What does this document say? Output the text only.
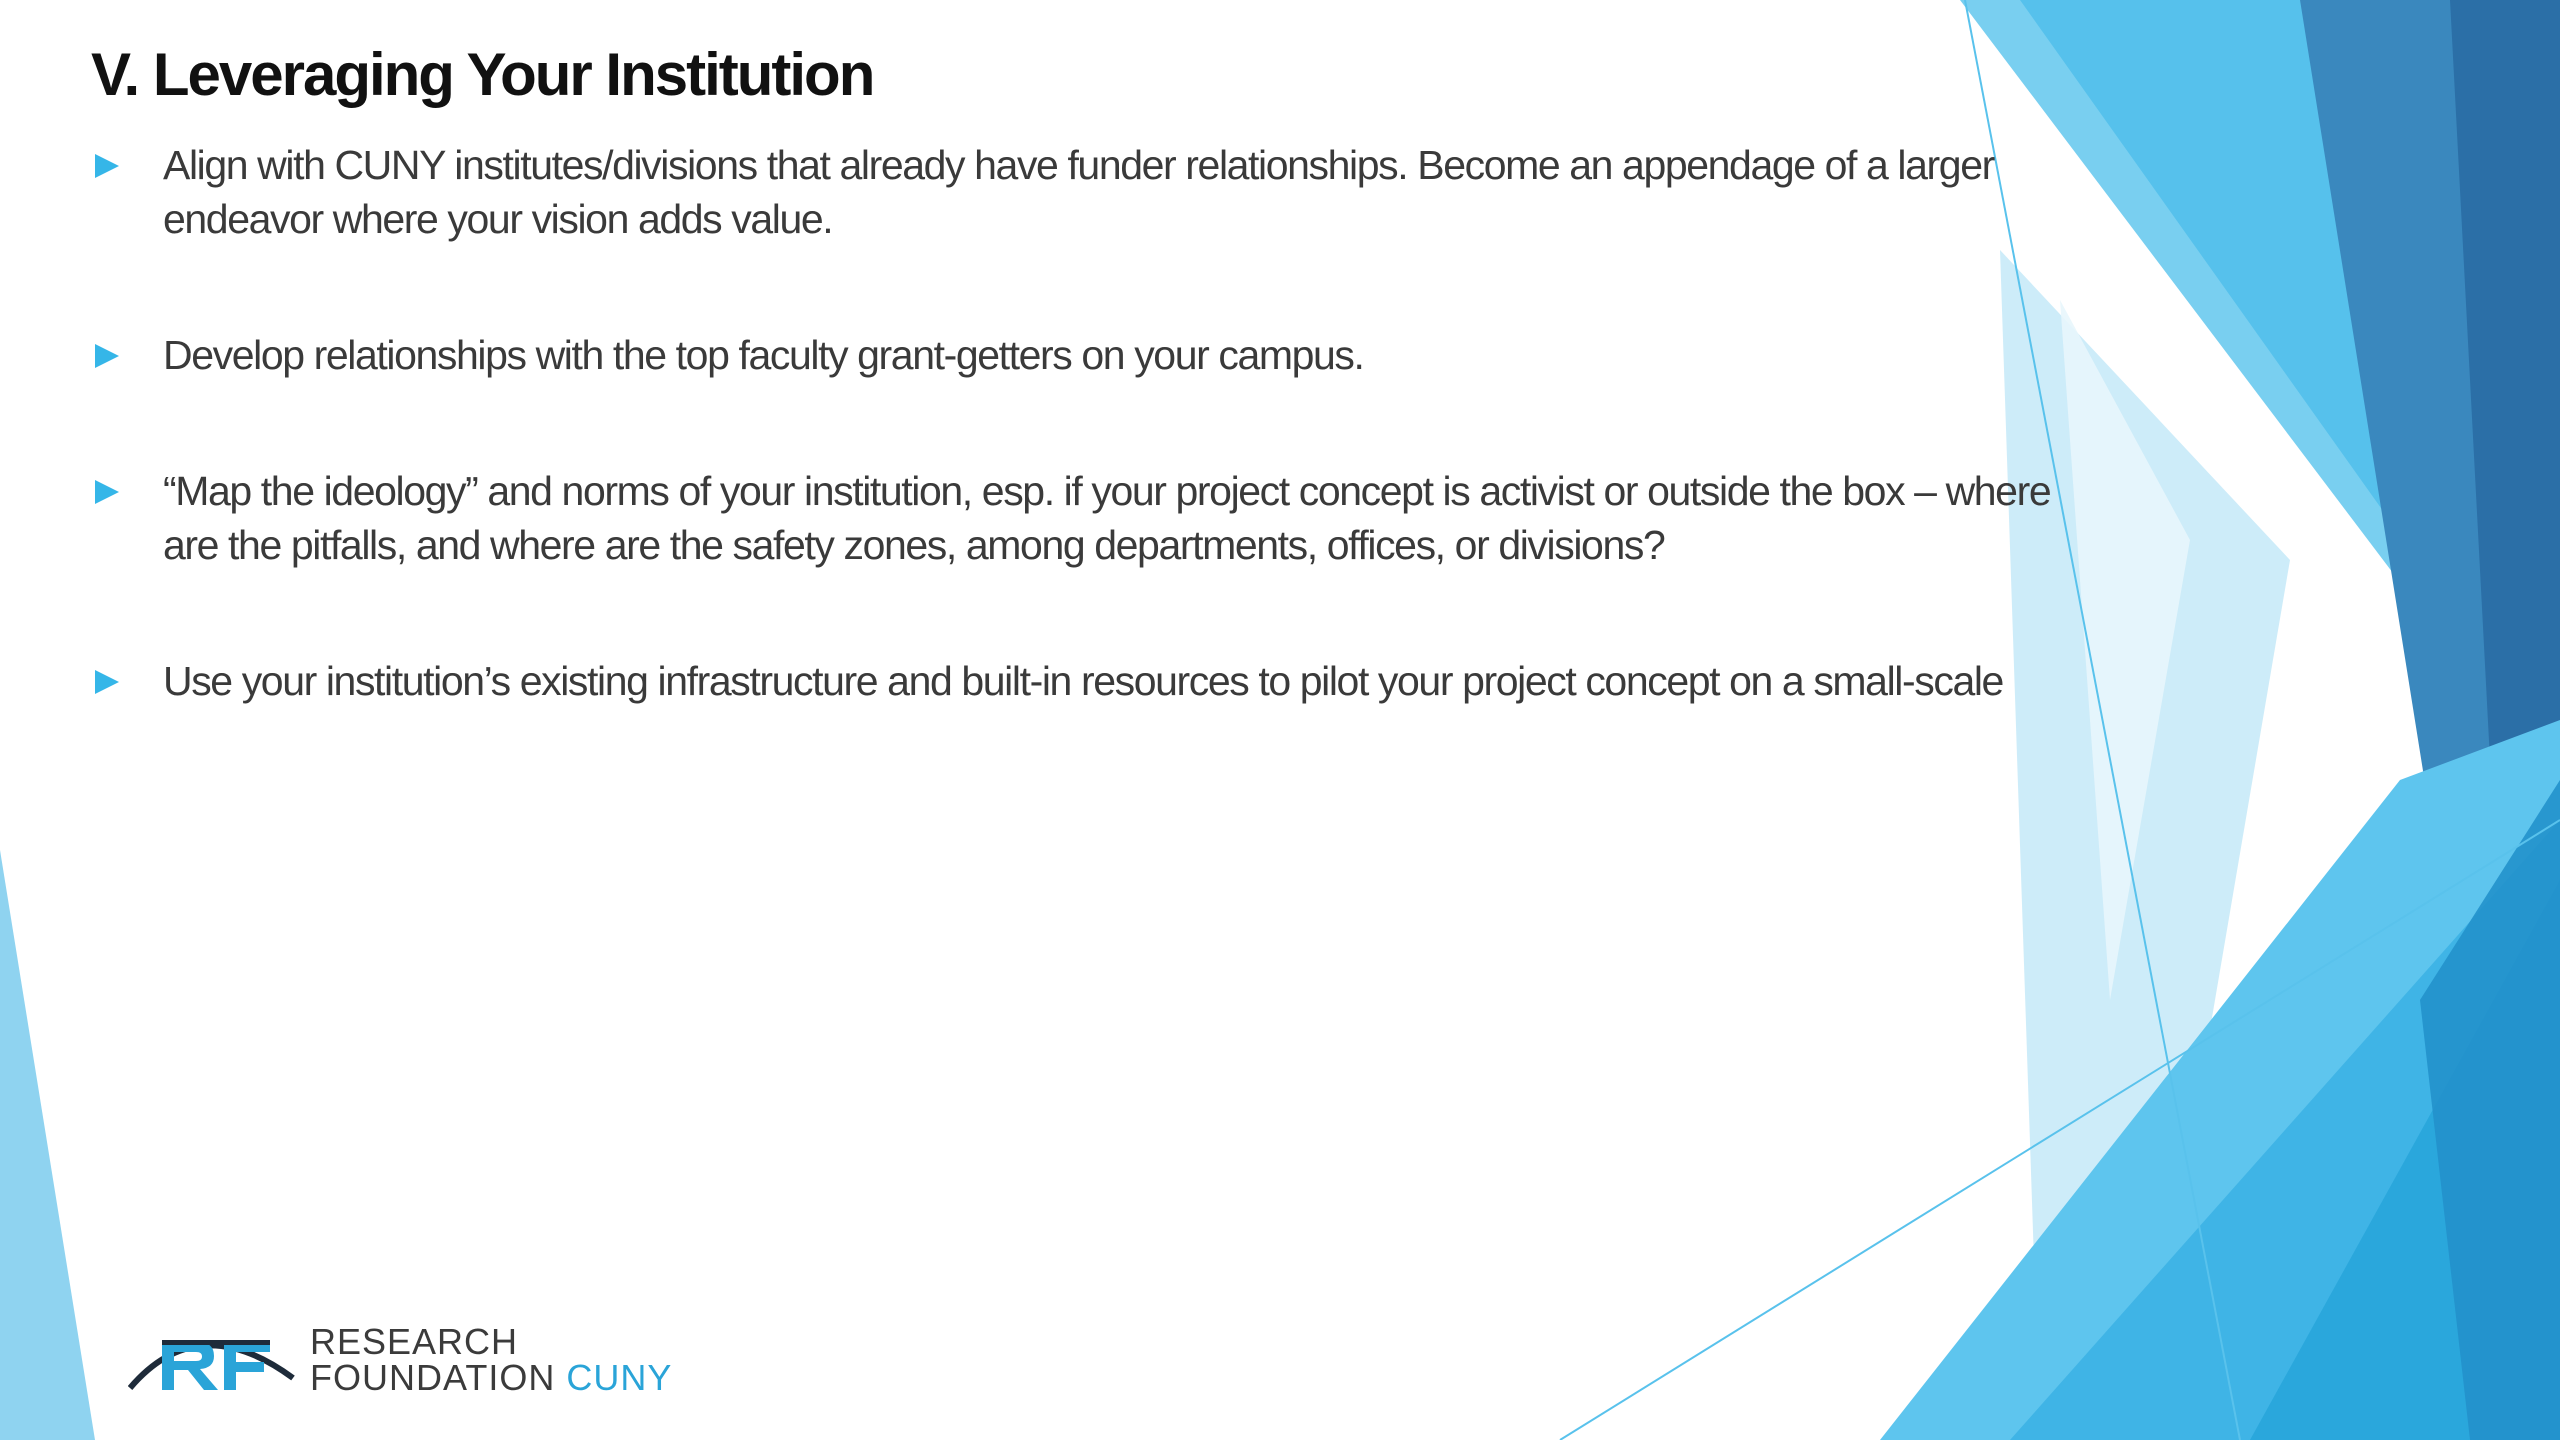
V. Leveraging Your Institution
Align with CUNY institutes/divisions that already have funder relationships. Become an appendage of a larger endeavor where your vision adds value.
Develop relationships with the top faculty grant-getters on your campus.
“Map the ideology” and norms of your institution, esp. if your project concept is activist or outside the box – where are the pitfalls, and where are the safety zones, among departments, offices, or divisions?
Use your institution’s existing infrastructure and built-in resources to pilot your project concept on a small-scale
RESEARCH
FOUNDATION CUNY
